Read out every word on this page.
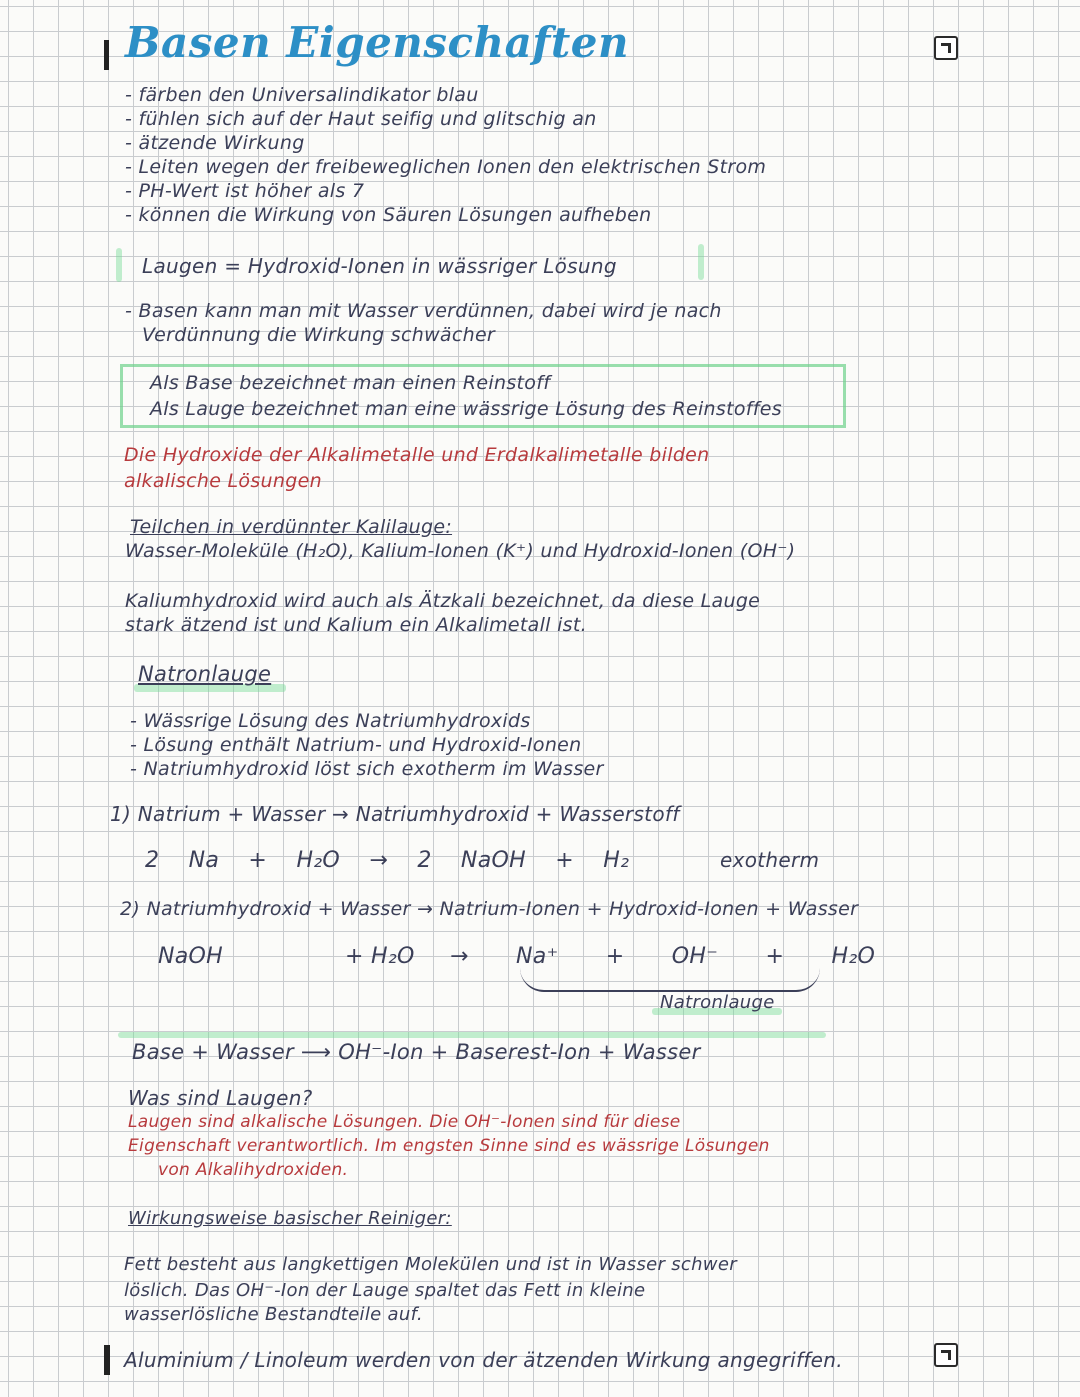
Basen Eigenschaften
- färben den Universalindikator blau
- fühlen sich auf der Haut seifig und glitschig an
- ätzende Wirkung
- Leiten wegen der freibeweglichen Ionen den elektrischen Strom
- PH-Wert ist höher als 7
- können die Wirkung von Säuren Lösungen aufheben
Laugen = Hydroxid-Ionen in wässriger Lösung
- Basen kann man mit Wasser verdünnen, dabei wird je nach
Verdünnung die Wirkung schwächer
Als Base bezeichnet man einen Reinstoff
Als Lauge bezeichnet man eine wässrige Lösung des Reinstoffes
Die Hydroxide der Alkalimetalle und Erdalkalimetalle bilden
alkalische Lösungen
Teilchen in verdünnter Kalilauge:
Wasser-Moleküle (H₂O), Kalium-Ionen (K⁺) und Hydroxid-Ionen (OH⁻)
Kaliumhydroxid wird auch als Ätzkali bezeichnet, da diese Lauge
stark ätzend ist und Kalium ein Alkalimetall ist.
Natronlauge
- Wässrige Lösung des Natriumhydroxids
- Lösung enthält Natrium- und Hydroxid-Ionen
- Natriumhydroxid löst sich exotherm im Wasser
1) Natrium + Wasser → Natriumhydroxid + Wasserstoff
2 Na + H₂O → 2 NaOH + H₂	exotherm
2) Natriumhydroxid + Wasser → Natrium-Ionen + Hydroxid-Ionen + Wasser
NaOH	+ H₂O → Na⁺ + OH⁻ + H₂O
Natronlauge
Base + Wasser ⟶ OH⁻-Ion + Baserest-Ion + Wasser
Was sind Laugen?
Laugen sind alkalische Lösungen. Die OH⁻-Ionen sind für diese
Eigenschaft verantwortlich. Im engsten Sinne sind es wässrige Lösungen
von Alkalihydroxiden.
Wirkungsweise basischer Reiniger:
Fett besteht aus langkettigen Molekülen und ist in Wasser schwer
löslich. Das OH⁻-Ion der Lauge spaltet das Fett in kleine
wasserlösliche Bestandteile auf.
Aluminium / Linoleum werden von der ätzenden Wirkung angegriffen.
